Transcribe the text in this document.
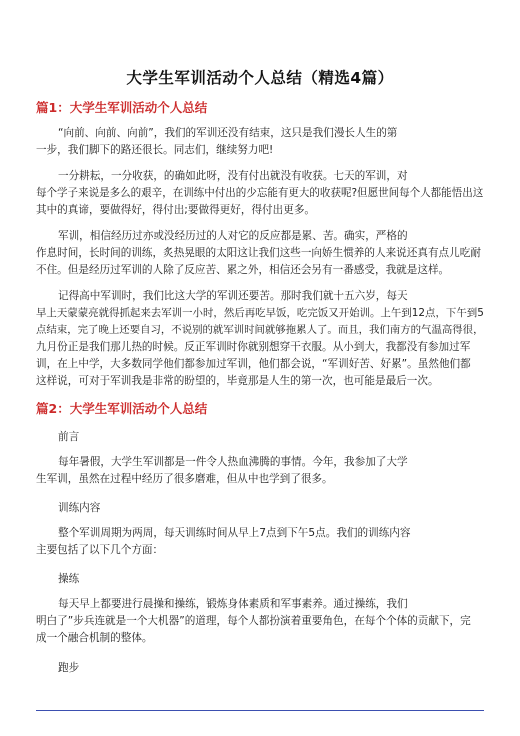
大学生军训活动个人总结（精选4篇）
篇1：大学生军训活动个人总结
“向前、向前、向前”，我们的军训还没有结束，这只是我们漫长人生的第
一步，我们脚下的路还很长。同志们，继续努力吧!
一分耕耘，一分收获，的确如此呀，没有付出就没有收获。七天的军训，对
每个学子来说是多么的艰辛，在训练中付出的少忘能有更大的收获呢?但愿世间每个人都能悟出这
其中的真谛，要做得好，得付出;要做得更好，得付出更多。
军训，相信经历过亦或没经历过的人对它的反应都是累、苦。确实，严格的
作息时间，长时间的训练，炙热晃眼的太阳这让我们这些一向娇生惯养的人来说还真有点儿吃耐
不住。但是经历过军训的人除了反应苦、累之外，相信还会另有一番感受，我就是这样。
记得高中军训时，我们比这大学的军训还要苦。那时我们就十五六岁，每天
早上天蒙蒙亮就得抓起来去军训一小时，然后再吃早饭，吃完饭又开始训。上午到12点，下午到5
点结束，完了晚上还要自习，不说别的就军训时间就够拖累人了。而且，我们南方的气温高得很，
九月份正是我们那儿热的时候。反正军训时你就别想穿干衣服。从小到大，我都没有参加过军
训，在上中学，大多数同学他们都参加过军训，他们都会说，“军训好苦、好累”。虽然他们都
这样说，可对于军训我是非常的盼望的，毕竟那是人生的第一次，也可能是最后一次。
篇2：大学生军训活动个人总结
前言
每年暑假，大学生军训都是一件令人热血沸腾的事情。今年，我参加了大学
生军训，虽然在过程中经历了很多磨难，但从中也学到了很多。
训练内容
整个军训周期为两周，每天训练时间从早上7点到下午5点。我们的训练内容
主要包括了以下几个方面：
操练
每天早上都要进行晨操和操练，锻炼身体素质和军事素养。通过操练，我们
明白了”步兵连就是一个大机器”的道理，每个人都扮演着重要角色，在每个个体的贡献下，完
成一个融合机制的整体。
跑步
